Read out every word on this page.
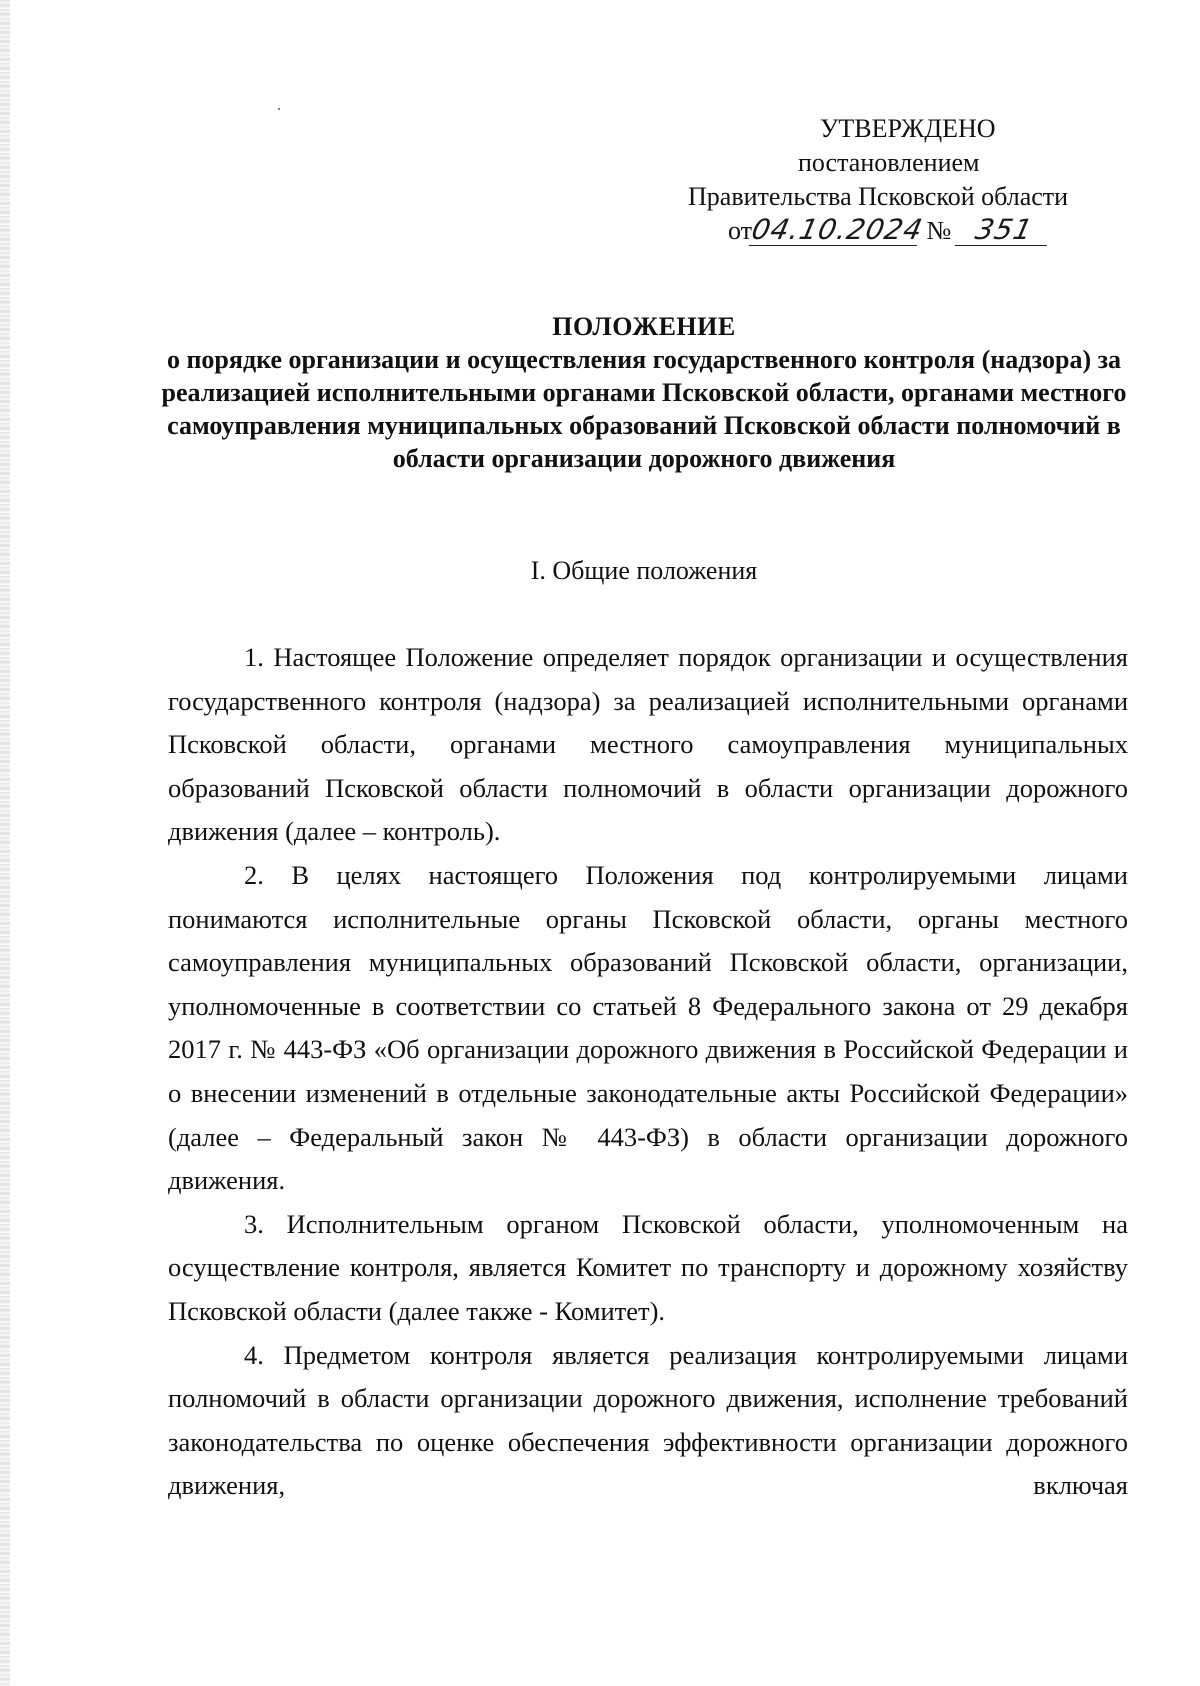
УТВЕРЖДЕНО
постановлением
Правительства Псковской области
от04.10.2024 № 351
ПОЛОЖЕНИЕ
о порядке организации и осуществления государственного контроля (надзора) за реализацией исполнительными органами Псковской области, органами местного самоуправления муниципальных образований Псковской области полномочий в области организации дорожного движения
I. Общие положения

1. Настоящее Положение определяет порядок организации и осуществления государственного контроля (надзора) за реализацией исполнительными органами Псковской области, органами местного самоуправления муниципальных образований Псковской области полномочий в области организации дорожного движения (далее – контроль).

2. В целях настоящего Положения под контролируемыми лицами понимаются исполнительные органы Псковской области, органы местного самоуправления муниципальных образований Псковской области, организации, уполномоченные в соответствии со статьей 8 Федерального закона от 29 декабря 2017 г. № 443-ФЗ «Об организации дорожного движения в Российской Федерации и о внесении изменений в отдельные законодательные акты Российской Федерации» (далее – Федеральный закон № 443-ФЗ) в области организации дорожного движения.

3. Исполнительным органом Псковской области, уполномоченным на осуществление контроля, является Комитет по транспорту и дорожному хозяйству Псковской области (далее также - Комитет).

4. Предметом контроля является реализация контролируемыми лицами полномочий в области организации дорожного движения, исполнение требований законодательства по оценке обеспечения эффективности организации дорожного движения, включая
